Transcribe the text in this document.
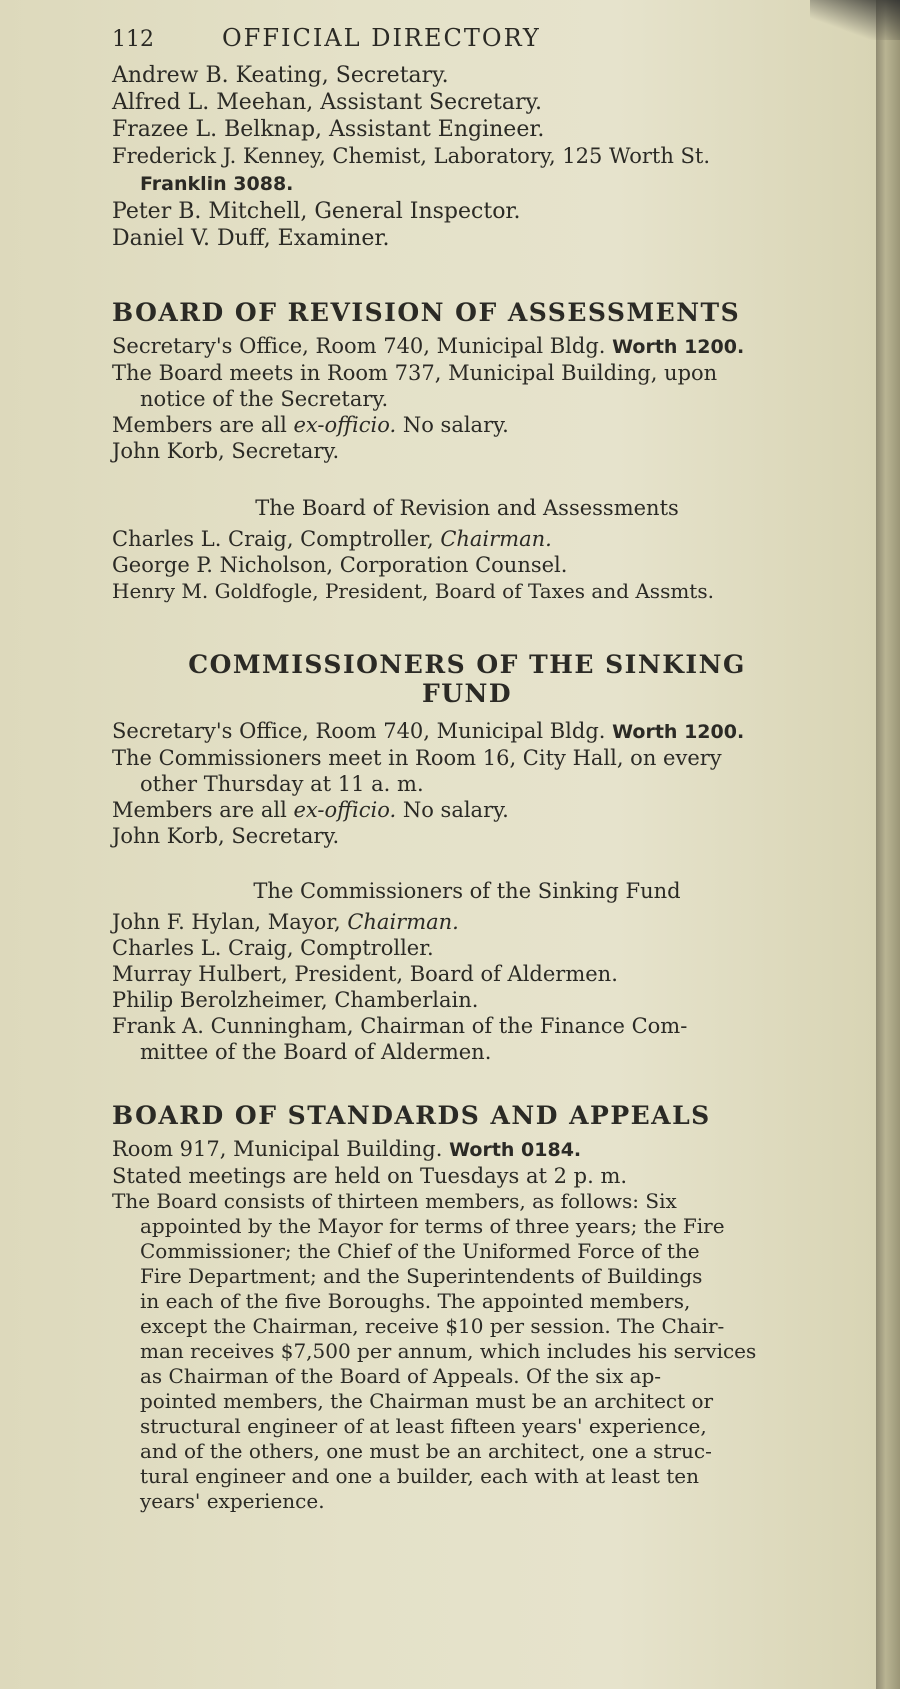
112	OFFICIAL DIRECTORY
Andrew B. Keating, Secretary.
Alfred L. Meehan, Assistant Secretary.
Frazee L. Belknap, Assistant Engineer.
Frederick J. Kenney, Chemist, Laboratory, 125 Worth St.
Franklin 3088.
Peter B. Mitchell, General Inspector.
Daniel V. Duff, Examiner.
BOARD OF REVISION OF ASSESSMENTS
Secretary's Office, Room 740, Municipal Bldg. Worth 1200.
The Board meets in Room 737, Municipal Building, upon
notice of the Secretary.
Members are all ex-officio. No salary.
John Korb, Secretary.
The Board of Revision and Assessments
Charles L. Craig, Comptroller, Chairman.
George P. Nicholson, Corporation Counsel.
Henry M. Goldfogle, President, Board of Taxes and Assmts.
COMMISSIONERS OF THE SINKING
FUND
Secretary's Office, Room 740, Municipal Bldg. Worth 1200.
The Commissioners meet in Room 16, City Hall, on every
other Thursday at 11 a. m.
Members are all ex-officio. No salary.
John Korb, Secretary.
The Commissioners of the Sinking Fund
John F. Hylan, Mayor, Chairman.
Charles L. Craig, Comptroller.
Murray Hulbert, President, Board of Aldermen.
Philip Berolzheimer, Chamberlain.
Frank A. Cunningham, Chairman of the Finance Com-
mittee of the Board of Aldermen.
BOARD OF STANDARDS AND APPEALS
Room 917, Municipal Building. Worth 0184.
Stated meetings are held on Tuesdays at 2 p. m.
The Board consists of thirteen members, as follows: Six
appointed by the Mayor for terms of three years; the Fire
Commissioner; the Chief of the Uniformed Force of the
Fire Department; and the Superintendents of Buildings
in each of the five Boroughs. The appointed members,
except the Chairman, receive $10 per session. The Chair-
man receives $7,500 per annum, which includes his services
as Chairman of the Board of Appeals. Of the six ap-
pointed members, the Chairman must be an architect or
structural engineer of at least fifteen years' experience,
and of the others, one must be an architect, one a struc-
tural engineer and one a builder, each with at least ten
years' experience.
